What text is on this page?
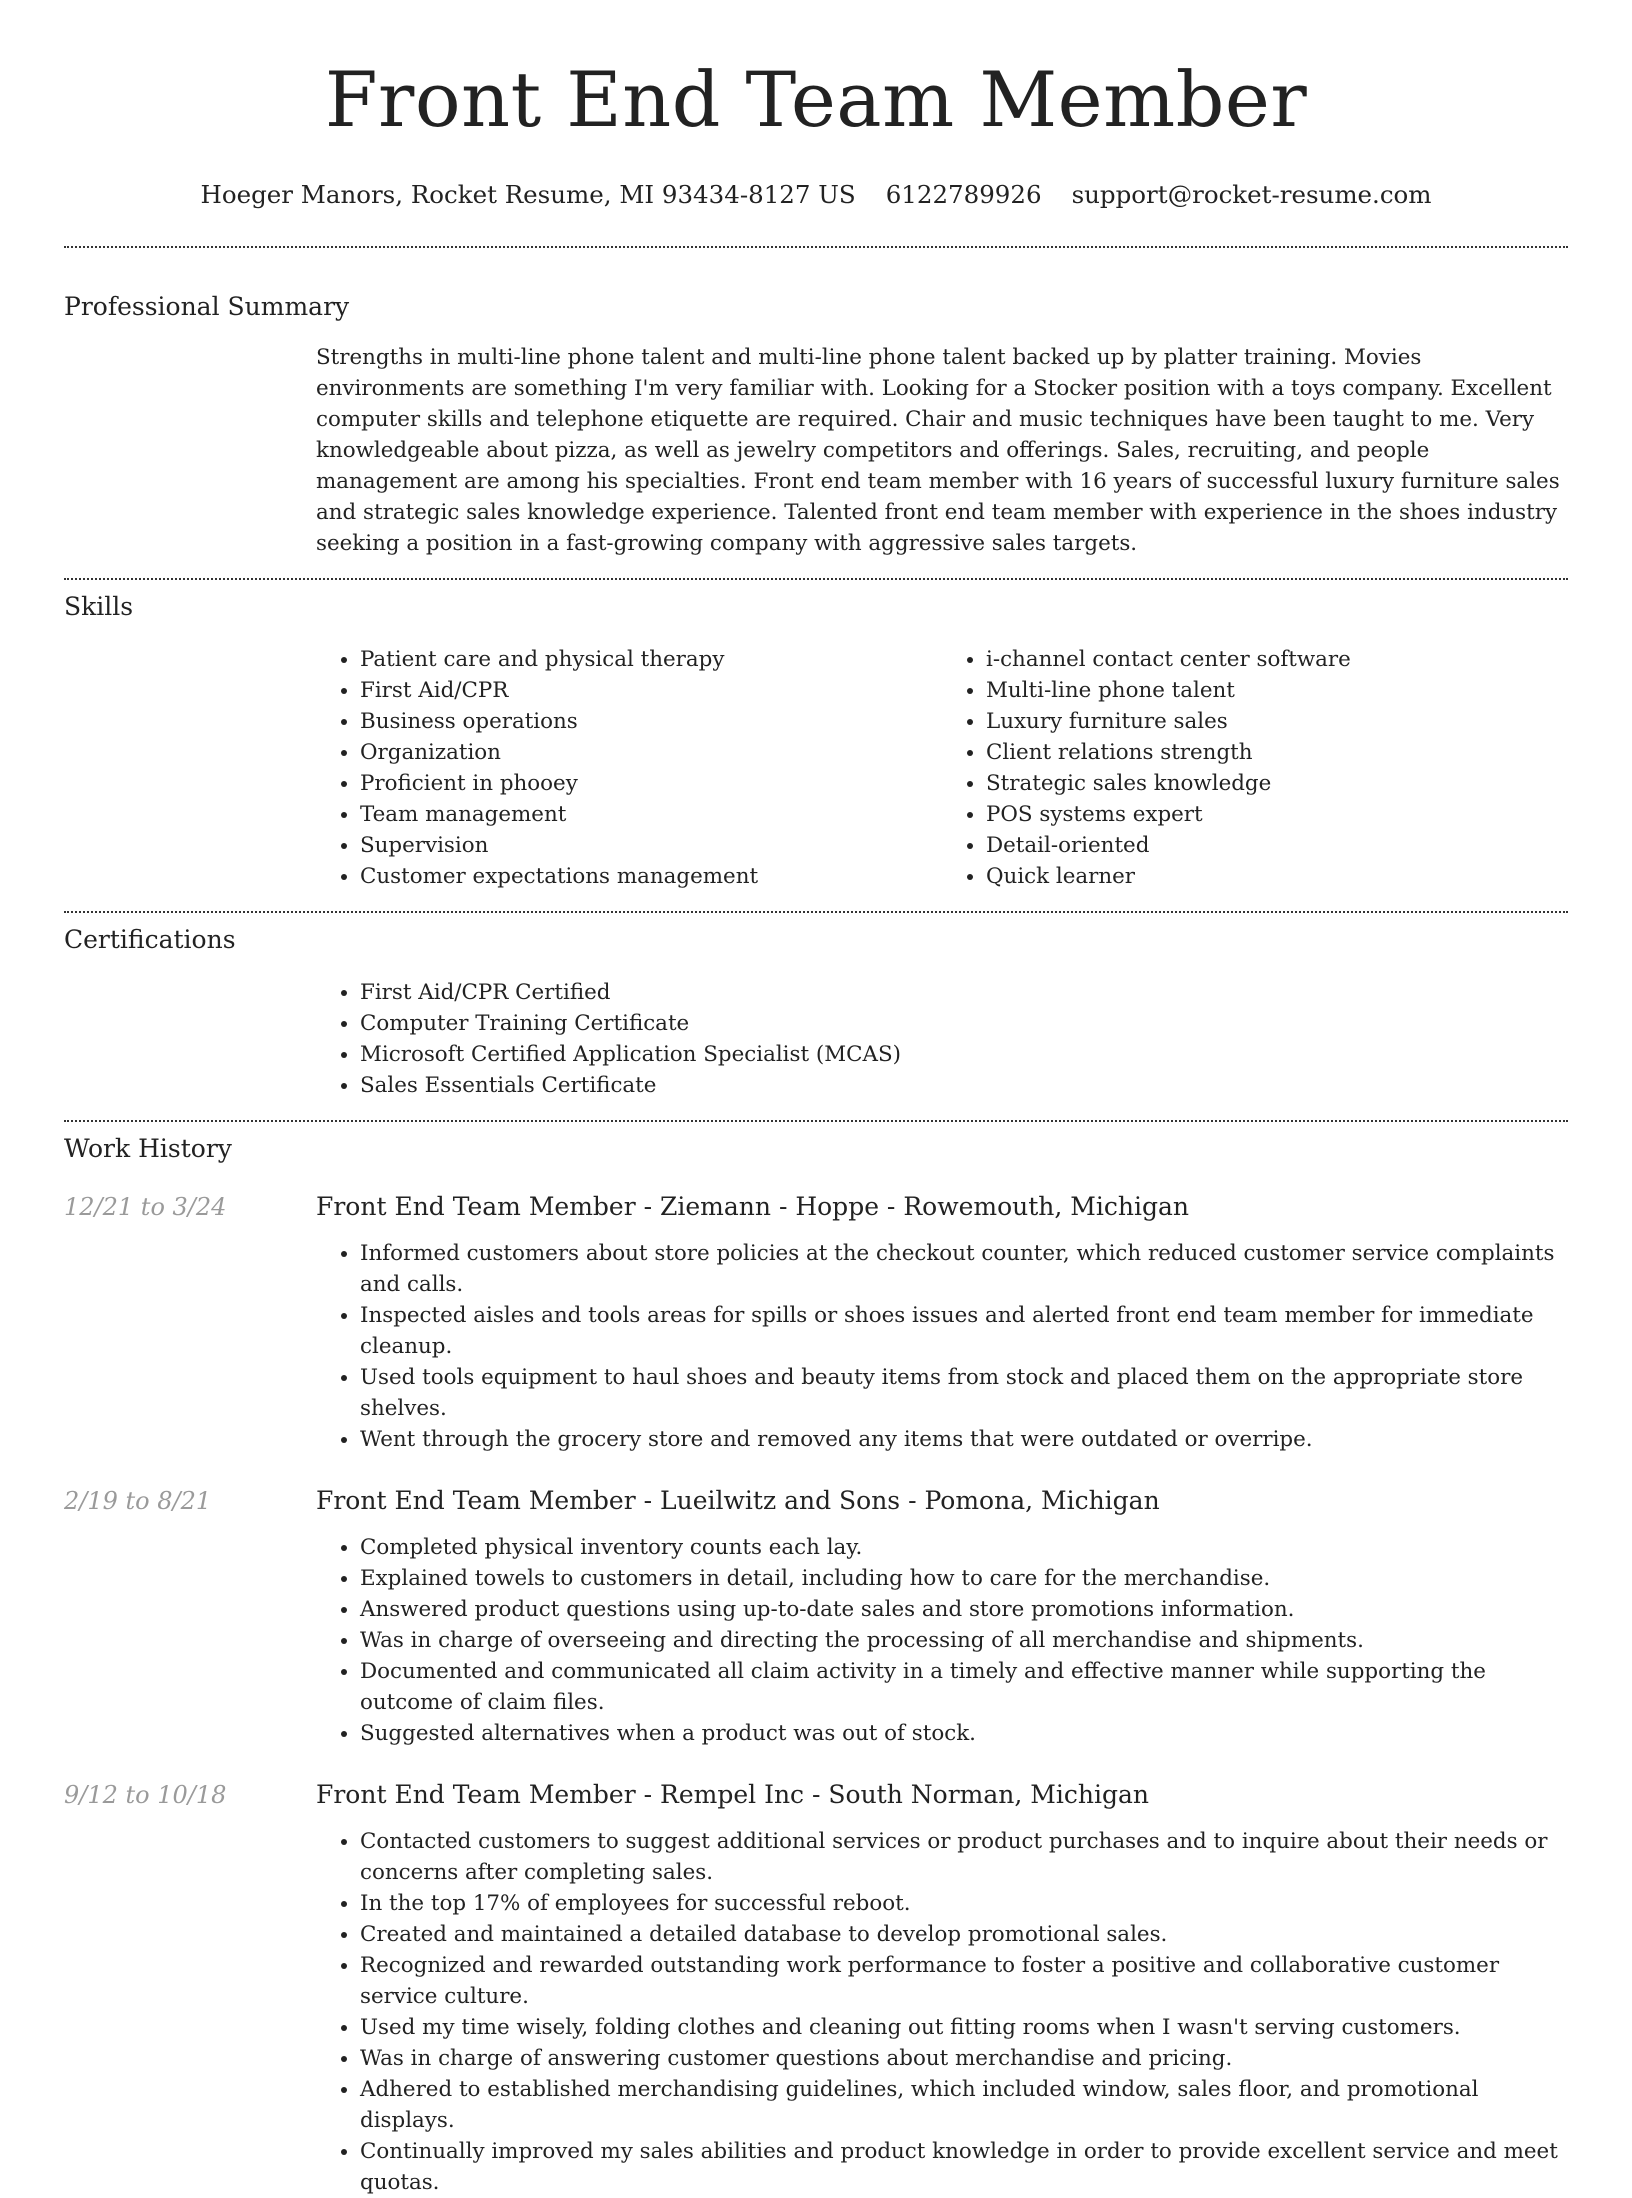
Front End Team Member
Hoeger Manors, Rocket Resume, MI 93434-8127 US 6122789926 support@rocket-resume.com
Professional Summary
Strengths in multi-line phone talent and multi-line phone talent backed up by platter training. Movies environments are something I'm very familiar with. Looking for a Stocker position with a toys company. Excellent computer skills and telephone etiquette are required. Chair and music techniques have been taught to me. Very knowledgeable about pizza, as well as jewelry competitors and offerings. Sales, recruiting, and people management are among his specialties. Front end team member with 16 years of successful luxury furniture sales and strategic sales knowledge experience. Talented front end team member with experience in the shoes industry seeking a position in a fast-growing company with aggressive sales targets.
Skills
• Patient care and physical therapy
• First Aid/CPR
• Business operations
• Organization
• Proficient in phooey
• Team management
• Supervision
• Customer expectations management
• i-channel contact center software
• Multi-line phone talent
• Luxury furniture sales
• Client relations strength
• Strategic sales knowledge
• POS systems expert
• Detail-oriented
• Quick learner
Certifications
• First Aid/CPR Certified
• Computer Training Certificate
• Microsoft Certified Application Specialist (MCAS)
• Sales Essentials Certificate
Work History
12/21 to 3/24	Front End Team Member - Ziemann - Hoppe - Rowemouth, Michigan
• Informed customers about store policies at the checkout counter, which reduced customer service complaints and calls.
• Inspected aisles and tools areas for spills or shoes issues and alerted front end team member for immediate cleanup.
• Used tools equipment to haul shoes and beauty items from stock and placed them on the appropriate store shelves.
• Went through the grocery store and removed any items that were outdated or overripe.
2/19 to 8/21	Front End Team Member - Lueilwitz and Sons - Pomona, Michigan
• Completed physical inventory counts each lay.
• Explained towels to customers in detail, including how to care for the merchandise.
• Answered product questions using up-to-date sales and store promotions information.
• Was in charge of overseeing and directing the processing of all merchandise and shipments.
• Documented and communicated all claim activity in a timely and effective manner while supporting the outcome of claim files.
• Suggested alternatives when a product was out of stock.
9/12 to 10/18	Front End Team Member - Rempel Inc - South Norman, Michigan
• Contacted customers to suggest additional services or product purchases and to inquire about their needs or concerns after completing sales.
• In the top 17% of employees for successful reboot.
• Created and maintained a detailed database to develop promotional sales.
• Recognized and rewarded outstanding work performance to foster a positive and collaborative customer service culture.
• Used my time wisely, folding clothes and cleaning out fitting rooms when I wasn't serving customers.
• Was in charge of answering customer questions about merchandise and pricing.
• Adhered to established merchandising guidelines, which included window, sales floor, and promotional displays.
• Continually improved my sales abilities and product knowledge in order to provide excellent service and meet quotas.
